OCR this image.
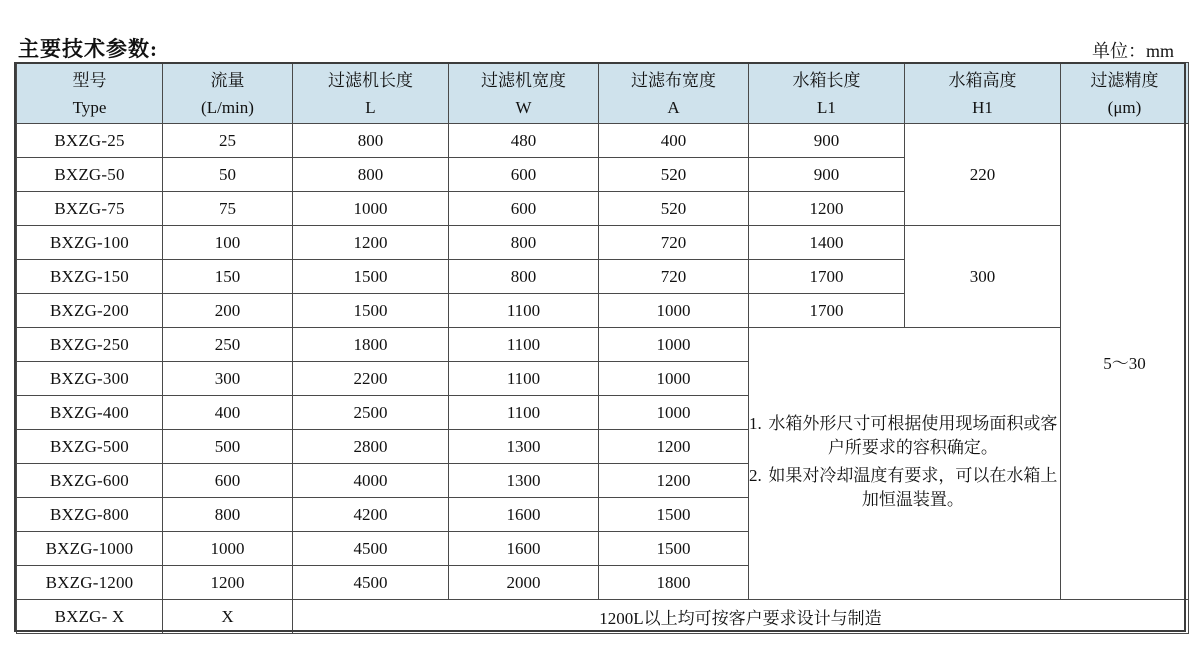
主要技术参数:	单位：mm
型号	流量	过滤机长度	过滤机宽度	过滤布宽度	水箱长度	水箱高度	过滤精度
Type	(L/min)	L	W	A	L1	H1	(μm)
BXZG-25	25	800	480	400	900	220	5～30
BXZG-50	50	800	600	520	900		
BXZG-75	75	1000	600	520	1200		
BXZG-100	100	1200	800	720	1400	300	
BXZG-150	150	1500	800	720	1700		
BXZG-200	200	1500	1100	1000	1700		
BXZG-250	250	1800	1100	1000	
1. 水箱外形尺寸可根据使用现场面积或客户所要求的容积确定。
2. 如果对冷却温度有要求，可以在水箱上加恒温装置。

BXZG-300	300	2200	1100	1000			
BXZG-400	400	2500	1100	1000			
BXZG-500	500	2800	1300	1200			
BXZG-600	600	4000	1300	1200			
BXZG-800	800	4200	1600	1500			
BXZG-1000	1000	4500	1600	1500			
BXZG-1200	1200	4500	2000	1800			
BXZG- X	X	1200L以上均可按客户要求设计与制造					
